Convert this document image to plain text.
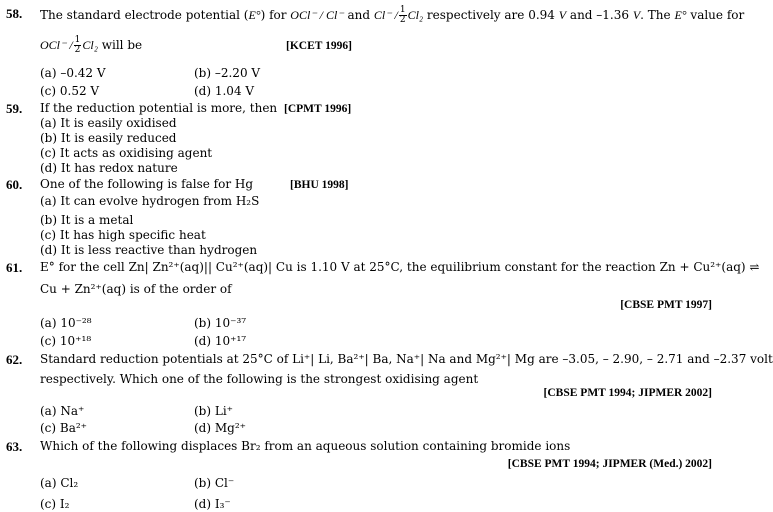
58. The standard electrode potential (E°) for OCl⁻ / Cl⁻ and $Cl^- / \frac{1}{2} Cl_2$ respectively are 0.94 V and –1.36 V. The E° value for
$OCl^- / \frac{1}{2} Cl_2$ will be	[KCET 1996]
(a) –0.42 V	(b) –2.20 V
(c) 0.52 V	(d) 1.04 V
59. If the reduction potential is more, then [CPMT 1996]
(a) It is easily oxidised
(b) It is easily reduced
(c) It acts as oxidising agent
(d) It has redox nature
60. One of the following is false for Hg	[BHU 1998]
(a) It can evolve hydrogen from H₂S
(b) It is a metal
(c) It has high specific heat
(d) It is less reactive than hydrogen
61. E° for the cell Zn| Zn²⁺(aq)|| Cu²⁺(aq)| Cu is 1.10 V at 25°C, the equilibrium constant for the reaction Zn + Cu²⁺(aq) ⇌
Cu + Zn²⁺(aq) is of the order of
[CBSE PMT 1997]
(a) 10⁻²⁸	(b) 10⁻³⁷
(c) 10⁺¹⁸	(d) 10⁺¹⁷
62. Standard reduction potentials at 25°C of Li⁺| Li, Ba²⁺| Ba, Na⁺| Na and Mg²⁺| Mg are –3.05, – 2.90, – 2.71 and –2.37 volt
respectively. Which one of the following is the strongest oxidising agent
[CBSE PMT 1994; JIPMER 2002]
(a) Na⁺	(b) Li⁺
(c) Ba²⁺	(d) Mg²⁺
63. Which of the following displaces Br₂ from an aqueous solution containing bromide ions
[CBSE PMT 1994; JIPMER (Med.) 2002]
(a) Cl₂	(b) Cl⁻
(c) I₂	(d) I₃⁻
